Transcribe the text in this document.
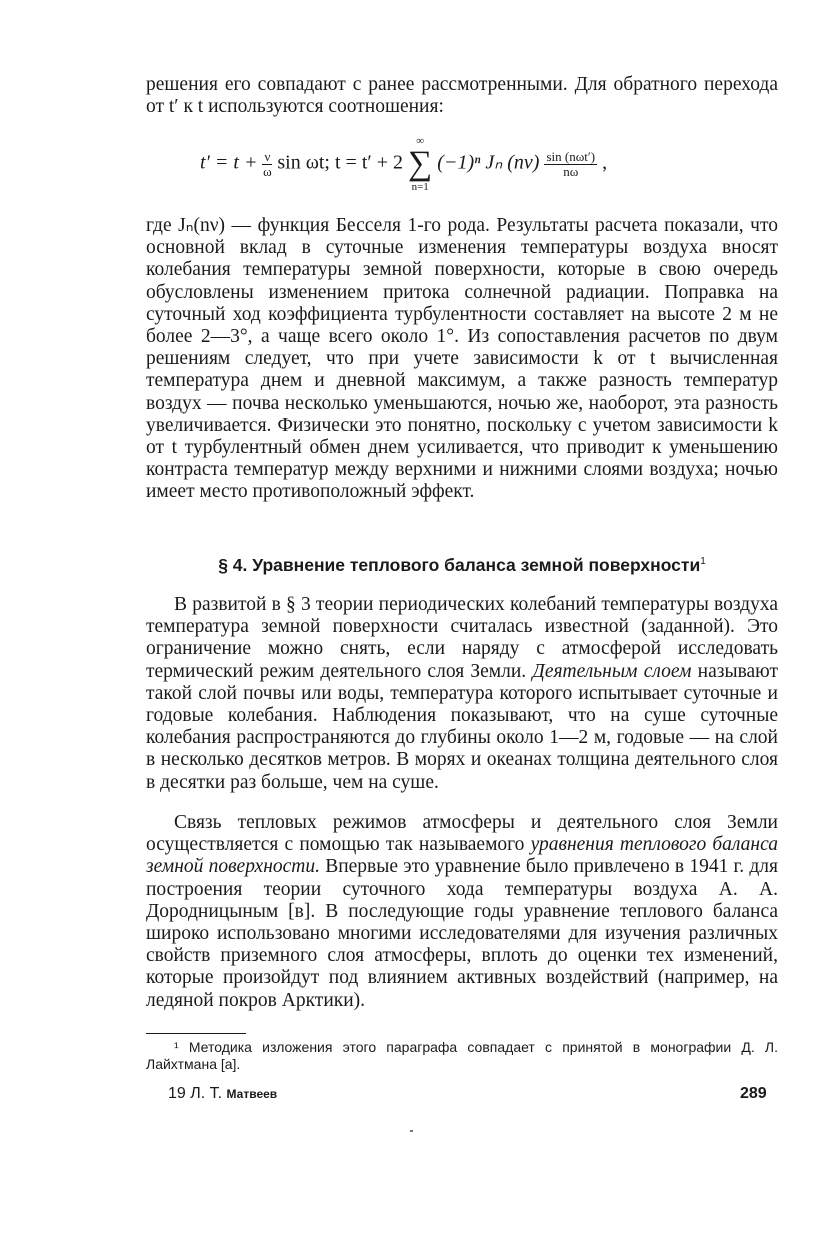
решения его совпадают с ранее рассмотренными. Для обратного перехода от t′ к t используются соотношения:
$t' = t + \frac{\nu}{\omega}$ sin ωt; t = t′ + 2
∞
∑
n=1
(−1)ⁿ Jₙ $(n\nu) \frac{\text{sin (nωt′)}}{n\omega}$ ,
где Jₙ(nν) — функция Бесселя 1-го рода. Результаты расчета показали, что основной вклад в суточные изменения температуры воздуха вносят колебания температуры земной поверхности, которые в свою очередь обусловлены изменением притока солнечной радиации. Поправка на суточный ход коэффициента турбулентности составляет на высоте 2 м не более 2—3°, а чаще всего около 1°. Из сопоставления расчетов по двум решениям следует, что при учете зависимости k от t вычисленная температура днем и дневной максимум, а также разность температур воздух — почва несколько уменьшаются, ночью же, наоборот, эта разность увеличивается. Физически это понятно, поскольку с учетом зависимости k от t турбулентный обмен днем усиливается, что приводит к уменьшению контраста температур между верхними и нижними слоями воздуха; ночью имеет место противоположный эффект.
§ 4. Уравнение теплового баланса земной поверхности$^1$
В развитой в § 3 теории периодических колебаний температуры воздуха температура земной поверхности считалась известной (заданной). Это ограничение можно снять, если наряду с атмосферой исследовать термический режим деятельного слоя Земли. Деятельным слоем называют такой слой почвы или воды, температура которого испытывает суточные и годовые колебания. Наблюдения показывают, что на суше суточные колебания распространяются до глубины около 1—2 м, годовые — на слой в несколько десятков метров. В морях и океанах толщина деятельного слоя в десятки раз больше, чем на суше.
Связь тепловых режимов атмосферы и деятельного слоя Земли осуществляется с помощью так называемого уравнения теплового баланса земной поверхности. Впервые это уравнение было привлечено в 1941 г. для построения теории суточного хода температуры воздуха А. А. Дородницыным [в]. В последующие годы уравнение теплового баланса широко использовано многими исследователями для изучения различных свойств приземного слоя атмосферы, вплоть до оценки тех изменений, которые произойдут под влиянием активных воздействий (например, на ледяной покров Арктики).
¹ Методика изложения этого параграфа совпадает с принятой в монографии Д. Л. Лайхтмана [а].
19 Л. Т. Матвеев	289
